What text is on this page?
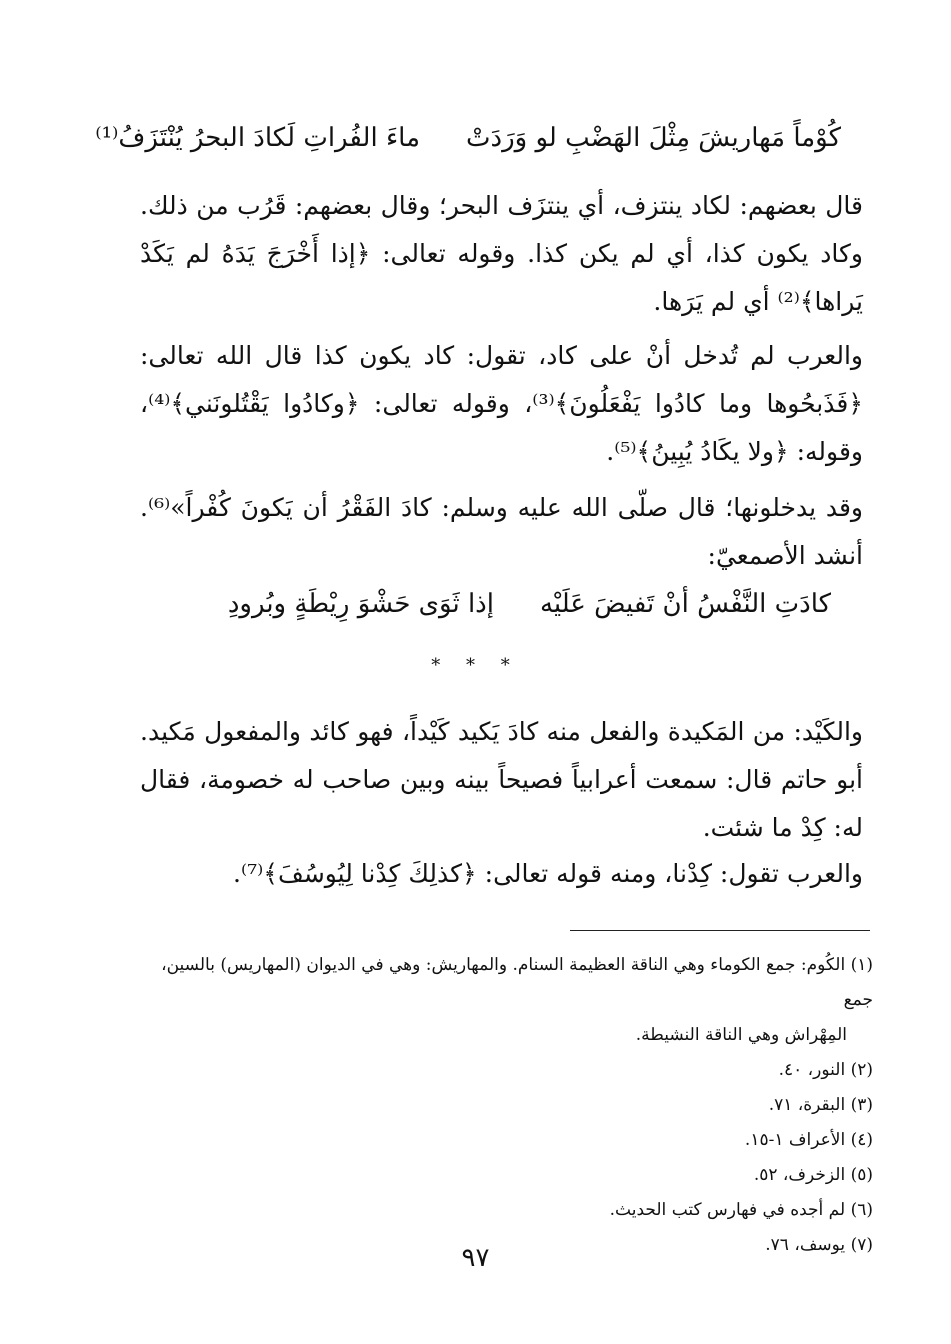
كُوْماً مَهاريشَ مِثْلَ الهَضْبِ لو وَرَدَتْ
ماءَ الفُراتِ لَكادَ البحرُ يُنْتَزَفُ⁽¹⁾

قال بعضهم: لكاد ينتزف، أي ينتزَف البحر؛ وقال بعضهم: قَرُب من ذلك. وكاد يكون كذا، أي لم يكن كذا. وقوله تعالى: ﴿إذا أَخْرَجَ يَدَهُ لم يَكَدْ يَراها﴾⁽²⁾ أي لم يَرَها.

والعرب لم تُدخل أنْ على كاد، تقول: كاد يكون كذا قال الله تعالى: ﴿فَذَبحُوها وما كادُوا يَفْعَلُونَ﴾⁽³⁾، وقوله تعالى: ﴿وكادُوا يَقْتُلونَني﴾⁽⁴⁾، وقوله: ﴿ولا يكَادُ يُبِينُ﴾⁽⁵⁾.

وقد يدخلونها؛ قال صلّى الله عليه وسلم: كادَ الفَقْرُ أن يَكونَ كُفْراً»⁽⁶⁾. أنشد الأصمعيّ:

كادَتِ النَّفْسُ أنْ تَفيضَ عَلَيْه
إذا ثَوَى حَشْوَ رِيْطَةٍ وبُرودِ
* * *

والكَيْد: من المَكيدة والفعل منه كادَ يَكيد كَيْداً، فهو كائد والمفعول مَكيد. أبو حاتم قال: سمعت أعرابياً فصيحاً بينه وبين صاحب له خصومة، فقال له: كِدْ ما شئت.

والعرب تقول: كِدْنا، ومنه قوله تعالى: ﴿كذلِكَ كِدْنا لِيُوسُفَ﴾⁽⁷⁾.

(١) الكُوم: جمع الكوماء وهي الناقة العظيمة السنام. والمهاريش: وهي في الديوان (المهاريس) بالسين، جمع
المِهْراش وهي الناقة النشيطة.
(٢) النور، ٤٠.
(٣) البقرة، ٧١.
(٤) الأعراف ١-١٥.
(٥) الزخرف، ٥٢.
(٦) لم أجده في فهارس كتب الحديث.
(٧) يوسف، ٧٦.
٩٧
